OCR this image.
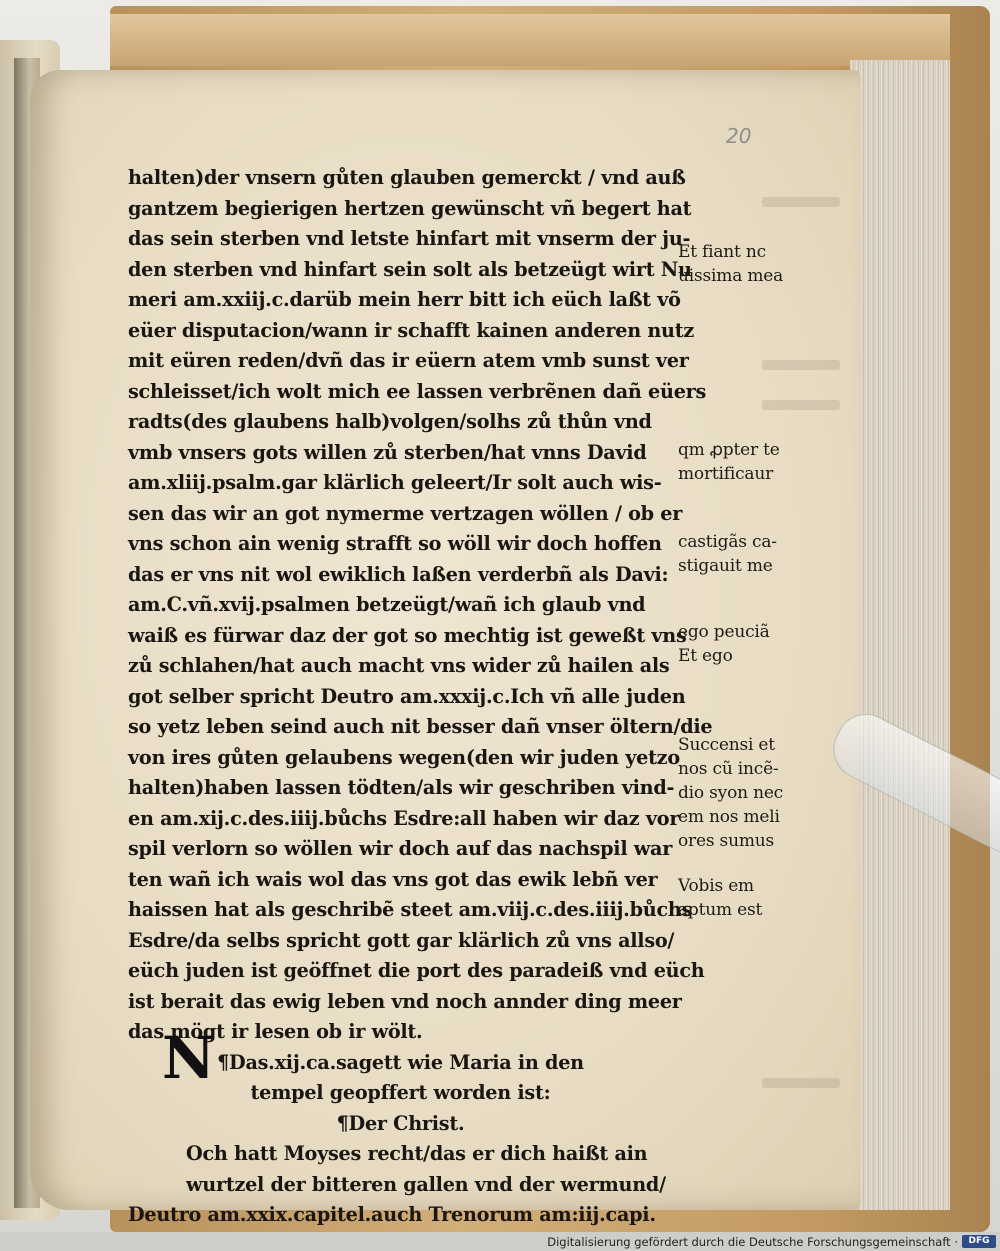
20
halten)der vnsern gůten glauben gemerckt / vnd auß
gantzem begierigen hertzen gewünscht vñ begert hat
das sein sterben vnd letste hinfart mit vnserm der ju-
den sterben vnd hinfart sein solt als betzeügt wirt Nu
meri am.xxiij.c.darüb mein herr bitt ich eüch laßt võ
eüer disputacion/wann ir schafft kainen anderen nutz
mit eüren reden/dvñ das ir eüern atem vmb sunst ver
schleisset/ich wolt mich ee lassen verbrẽnen dañ eüers
radts(des glaubens halb)volgen/solhs zů thůn vnd
vmb vnsers gots willen zů sterben/hat vnns David
am.xliij.psalm.gar klärlich geleert/Ir solt auch wis-
sen das wir an got nymerme vertzagen wöllen / ob er
vns schon ain wenig strafft so wöll wir doch hoffen
das er vns nit wol ewiklich laßen verderbñ als Davi:
am.C.vñ.xvij.psalmen betzeügt/wañ ich glaub vnd
waiß es fürwar daz der got so mechtig ist geweßt vns
zů schlahen/hat auch macht vns wider zů hailen als
got selber spricht Deutro am.xxxij.c.Ich vñ alle juden
so yetz leben seind auch nit besser dañ vnser öltern/die
von ires gůten gelaubens wegen(den wir juden yetzo
halten)haben lassen tödten/als wir geschriben vind-
en am.xij.c.des.iiij.bůchs Esdre:all haben wir daz vor
spil verlorn so wöllen wir doch auf das nachspil war
ten wañ ich wais wol das vns got das ewik lebñ ver
haissen hat als geschribẽ steet am.viij.c.des.iiij.bůchs
Esdre/da selbs spricht gott gar klärlich zů vns allso/
eüch juden ist geöffnet die port des paradeiß vnd eüch
ist berait das ewig leben vnd noch annder ding meer
das mögt ir lesen ob ir wölt.
¶Das.xij.ca.sagett wie Maria in den
tempel geopffert worden ist:
¶Der Christ.
Och hatt Moyses recht/das er dich haißt ain
wurtzel der bitteren gallen vnd der wermund/
Deutro am.xxix.capitel.auch Trenorum am:iij.capi.
N
Et fiant nc
uissima mea
qm ꝓpter te
mortificaur
castigãs ca-
stigauit me
ego peuciã
Et ego
Succensi et
nos cũ incẽ-
dio syon nec
em nos meli
ores sumus
Vobis em
aptum est
Digitalisierung gefördert durch die Deutsche Forschungsgemeinschaft ·	DFG
